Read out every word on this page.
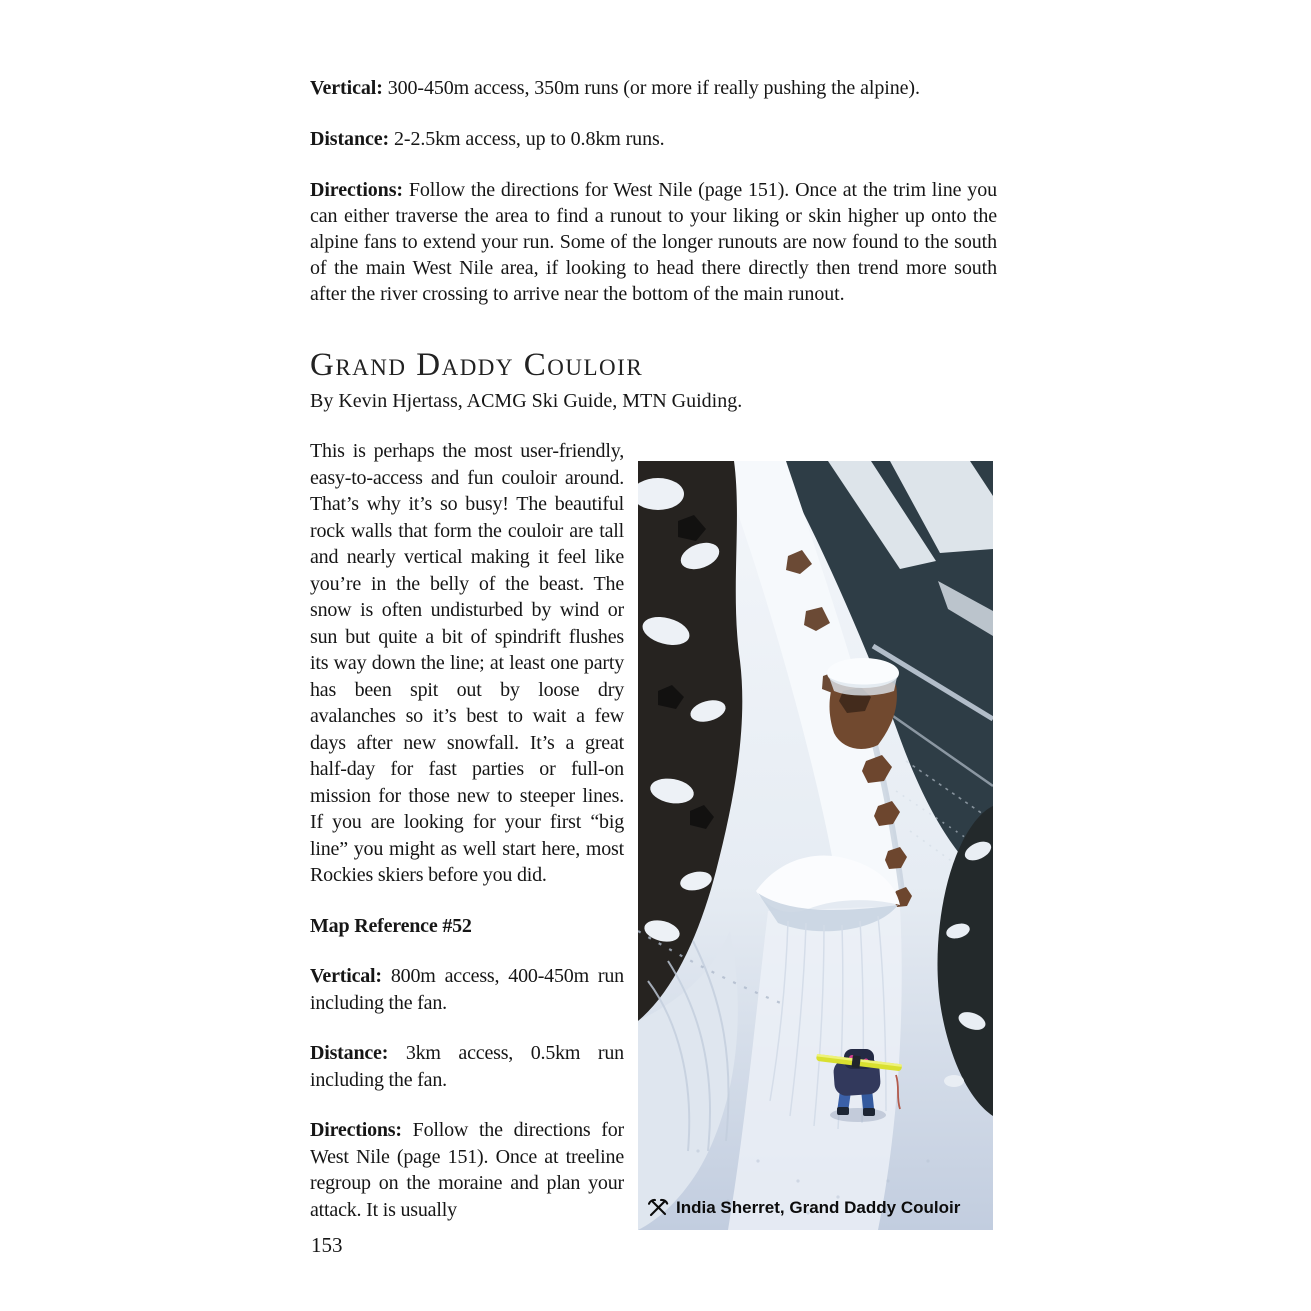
Vertical: 300-450m access, 350m runs (or more if really pushing the alpine).

Distance: 2-2.5km access, up to 0.8km runs.

Directions: Follow the directions for West Nile (page 151). Once at the trim line you can either traverse the area to find a runout to your liking or skin higher up onto the alpine fans to extend your run. Some of the longer runouts are now found to the south of the main West Nile area, if looking to head there directly then trend more south after the river crossing to arrive near the bottom of the main runout.

Grand Daddy Couloir

By Kevin Hjertass, ACMG Ski Guide, MTN Guiding.

This is perhaps the most user-friendly, easy-to-access and fun couloir around. That’s why it’s so busy! The beautiful rock walls that form the couloir are tall and nearly vertical making it feel like you’re in the belly of the beast. The snow is often undisturbed by wind or sun but quite a bit of spindrift flushes its way down the line; at least one party has been spit out by loose dry avalanches so it’s best to wait a few days after new snowfall. It’s a great half-day for fast parties or full-on mission for those new to steeper lines. If you are looking for your first “big line” you might as well start here, most Rockies skiers before you did.

Map Reference #52

Vertical: 800m access, 400-450m run including the fan.

Distance: 3km access, 0.5km run including the fan.

Directions: Follow the directions for West Nile (page 151). Once at treeline regroup on the moraine and plan your attack. It is usually

153
India Sherret, Grand Daddy Couloir
